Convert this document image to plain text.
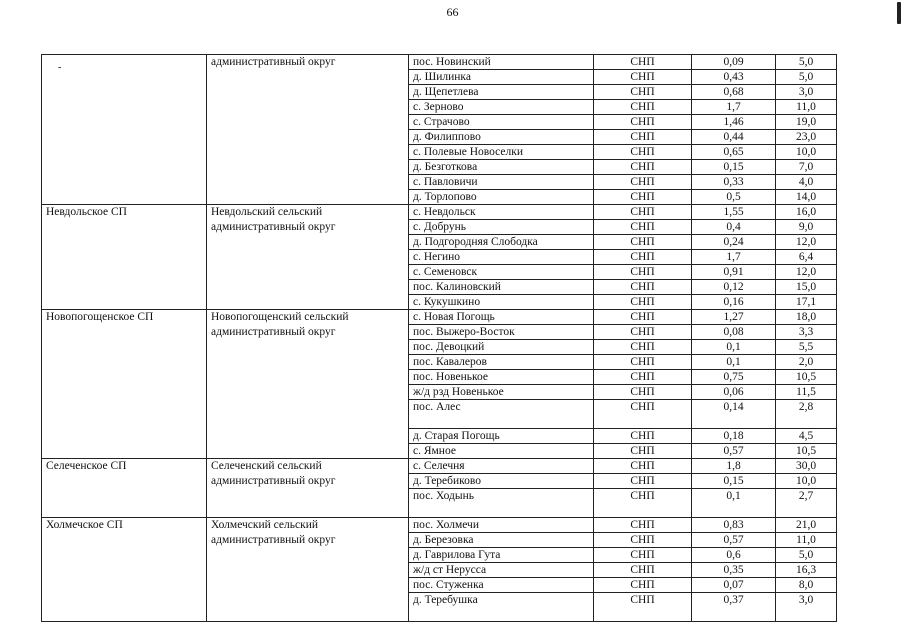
66
-
		административный округ	пос. Новинский	СНП	0,09	5,0
		д. Шилинка	СНП	0,43	5,0
		д. Щепетлева	СНП	0,68	3,0
		с. Зерново	СНП	1,7	11,0
		с. Страчово	СНП	1,46	19,0
		д. Филиппово	СНП	0,44	23,0
		с. Полевые Новоселки	СНП	0,65	10,0
		д. Безготкова	СНП	0,15	7,0
		с. Павловичи	СНП	0,33	4,0
		д. Торлопово	СНП	0,5	14,0
Невдольское СП	Невдольский сельский административный округ	с. Невдольск	СНП	1,55	16,0
		с. Добрунь	СНП	0,4	9,0
		д. Подгородняя Слободка	СНП	0,24	12,0
		с. Негино	СНП	1,7	6,4
		с. Семеновск	СНП	0,91	12,0
		пос. Калиновский	СНП	0,12	15,0
		с. Кукушкино	СНП	0,16	17,1
Новопогощенское СП	Новопогощенский сельский административный округ	с. Новая Погощь	СНП	1,27	18,0
		пос. Выжеро-Восток	СНП	0,08	3,3
		пос. Девоцкий	СНП	0,1	5,5
		пос. Кавалеров	СНП	0,1	2,0
		пос. Новенькое	СНП	0,75	10,5
		ж/д рзд Новенькое	СНП	0,06	11,5
		пос. Алес	СНП	0,14	2,8
		д. Старая Погощь	СНП	0,18	4,5
		с. Ямное	СНП	0,57	10,5
Селеченское СП	Селеченский сельский административный округ	с. Селечня	СНП	1,8	30,0
		д. Теребиково	СНП	0,15	10,0
		пос. Ходынь	СНП	0,1	2,7
Холмечское СП	Холмечский сельский административный округ	пос. Холмечи	СНП	0,83	21,0
		д. Березовка	СНП	0,57	11,0
		д. Гаврилова Гута	СНП	0,6	5,0
		ж/д ст Нерусса	СНП	0,35	16,3
		пос. Стуженка	СНП	0,07	8,0
		д. Теребушка	СНП	0,37	3,0
